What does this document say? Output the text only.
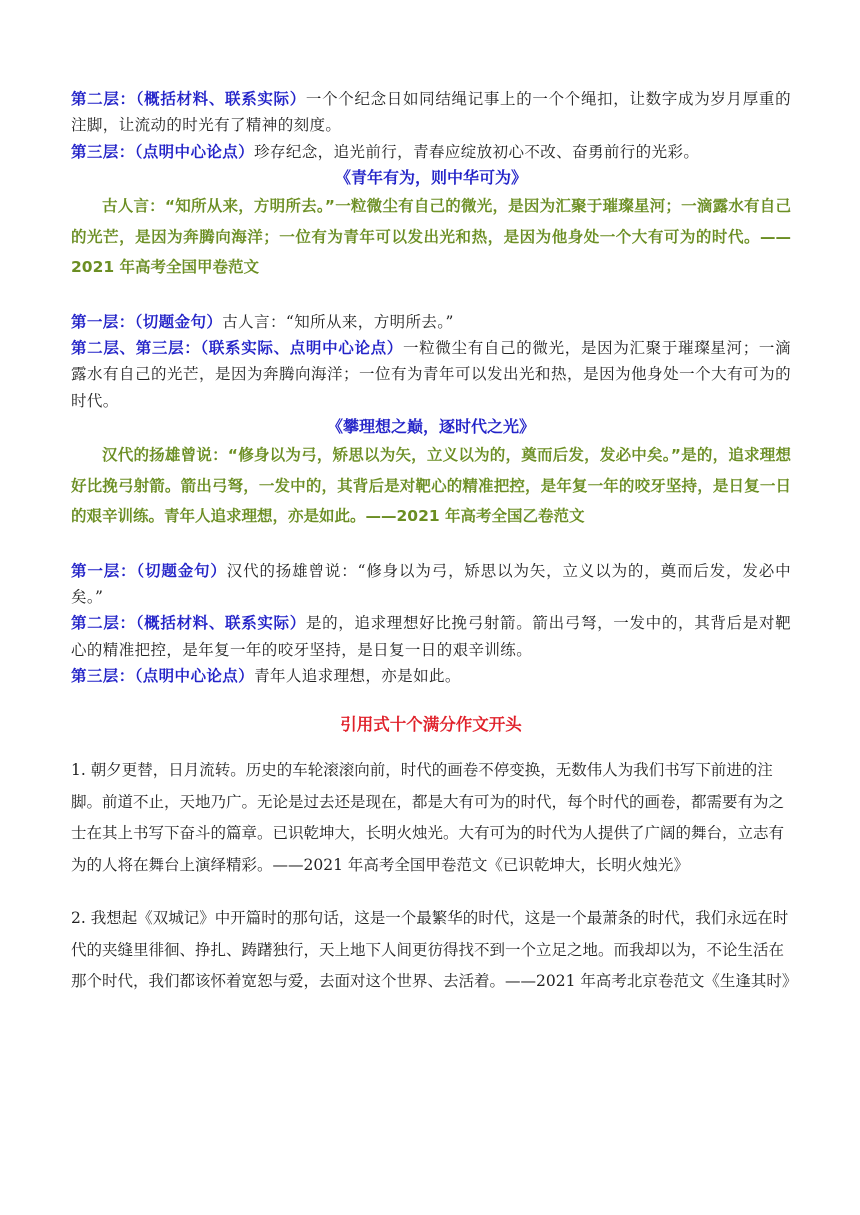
第二层：（概括材料、联系实际）一个个纪念日如同结绳记事上的一个个绳扣，让数字成为岁月厚重的注脚，让流动的时光有了精神的刻度。

第三层：（点明中心论点）珍存纪念，追光前行，青春应绽放初心不改、奋勇前行的光彩。

《青年有为，则中华可为》
古人言：“知所从来，方明所去。”一粒微尘有自己的微光，是因为汇聚于璀璨星河；一滴露水有自己的光芒，是因为奔腾向海洋；一位有为青年可以发出光和热，是因为他身处一个大有可为的时代。——2021 年高考全国甲卷范文

第一层：（切题金句）古人言：“知所从来，方明所去。”

第二层、第三层：（联系实际、点明中心论点）一粒微尘有自己的微光，是因为汇聚于璀璨星河；一滴露水有自己的光芒，是因为奔腾向海洋；一位有为青年可以发出光和热，是因为他身处一个大有可为的时代。

《攀理想之巅，逐时代之光》
汉代的扬雄曾说：“修身以为弓，矫思以为矢，立义以为的，奠而后发，发必中矣。”是的，追求理想好比挽弓射箭。箭出弓弩，一发中的，其背后是对靶心的精准把控，是年复一年的咬牙坚持，是日复一日的艰辛训练。青年人追求理想，亦是如此。——2021 年高考全国乙卷范文

第一层：（切题金句）汉代的扬雄曾说：“修身以为弓，矫思以为矢，立义以为的，奠而后发，发必中矣。”

第二层：（概括材料、联系实际）是的，追求理想好比挽弓射箭。箭出弓弩，一发中的，其背后是对靶心的精准把控，是年复一年的咬牙坚持，是日复一日的艰辛训练。

第三层：（点明中心论点）青年人追求理想，亦是如此。

引用式十个满分作文开头
1. 朝夕更替，日月流转。历史的车轮滚滚向前，时代的画卷不停变换，无数伟人为我们书写下前进的注脚。前道不止，天地乃广。无论是过去还是现在，都是大有可为的时代，每个时代的画卷，都需要有为之士在其上书写下奋斗的篇章。已识乾坤大，长明火烛光。大有可为的时代为人提供了广阔的舞台，立志有为的人将在舞台上演绎精彩。——2021 年高考全国甲卷范文《已识乾坤大，长明火烛光》
2. 我想起《双城记》中开篇时的那句话，这是一个最繁华的时代，这是一个最萧条的时代，我们永远在时代的夹缝里徘徊、挣扎、踌躇独行，天上地下人间更彷得找不到一个立足之地。而我却以为，不论生活在那个时代，我们都该怀着宽恕与爱，去面对这个世界、去活着。——2021 年高考北京卷范文《生逢其时》
